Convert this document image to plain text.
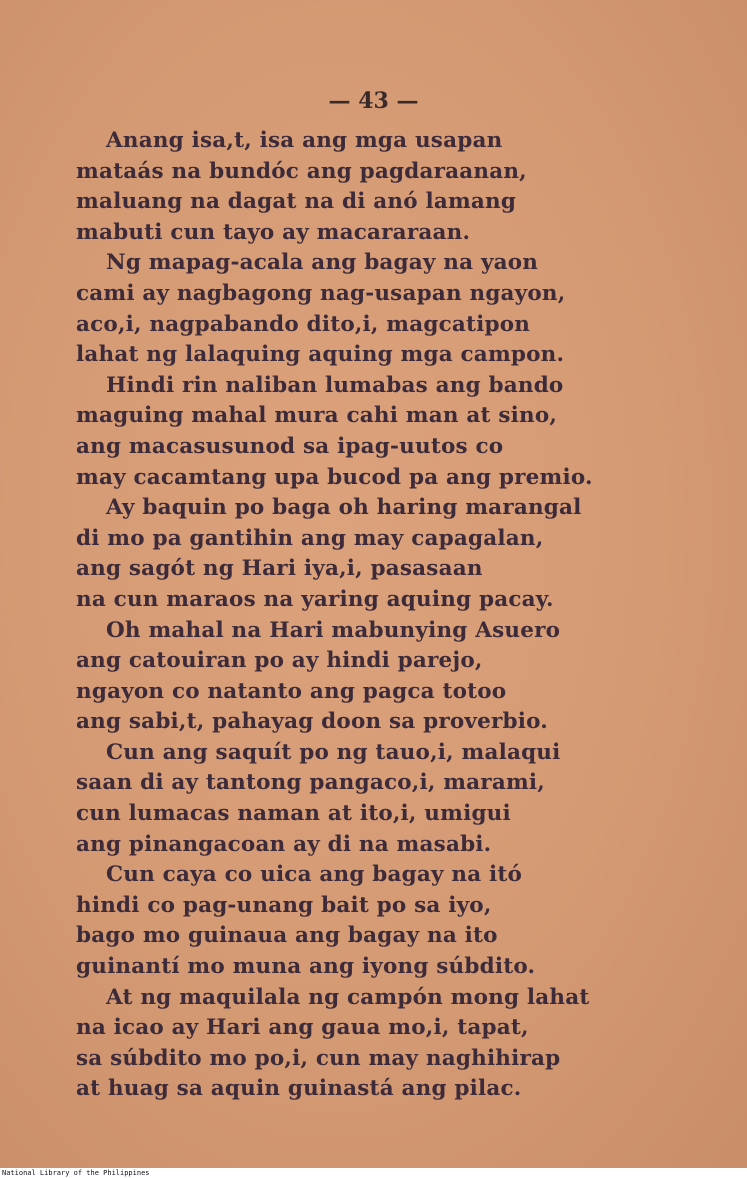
— 43 —
Anang isa,t, isa ang mga usapan
mataás na bundóc ang pagdaraanan,
maluang na dagat na di anó lamang
mabuti cun tayo ay macararaan.
Ng mapag-acala ang bagay na yaon
cami ay nagbagong nag-usapan ngayon,
aco,i, nagpabando dito,i, magcatipon
lahat ng lalaquing aquing mga campon.
Hindi rin naliban lumabas ang bando
maguing mahal mura cahi man at sino,
ang macasusunod sa ipag-uutos co
may cacamtang upa bucod pa ang premio.
Ay baquin po baga oh haring marangal
di mo pa gantihin ang may capagalan,
ang sagót ng Hari iya,i, pasasaan
na cun maraos na yaring aquing pacay.
Oh mahal na Hari mabunying Asuero
ang catouiran po ay hindi parejo,
ngayon co natanto ang pagca totoo
ang sabi,t, pahayag doon sa proverbio.
Cun ang saquít po ng tauo,i, malaqui
saan di ay tantong pangaco,i, marami,
cun lumacas naman at ito,i, umigui
ang pinangacoan ay di na masabi.
Cun caya co uica ang bagay na itó
hindi co pag-unang bait po sa iyo,
bago mo guinaua ang bagay na ito
guinantí mo muna ang iyong súbdito.
At ng maquilala ng campón mong lahat
na icao ay Hari ang gaua mo,i, tapat,
sa súbdito mo po,i, cun may naghihirap
at huag sa aquin guinastá ang pilac.
National Library of the Philippines
